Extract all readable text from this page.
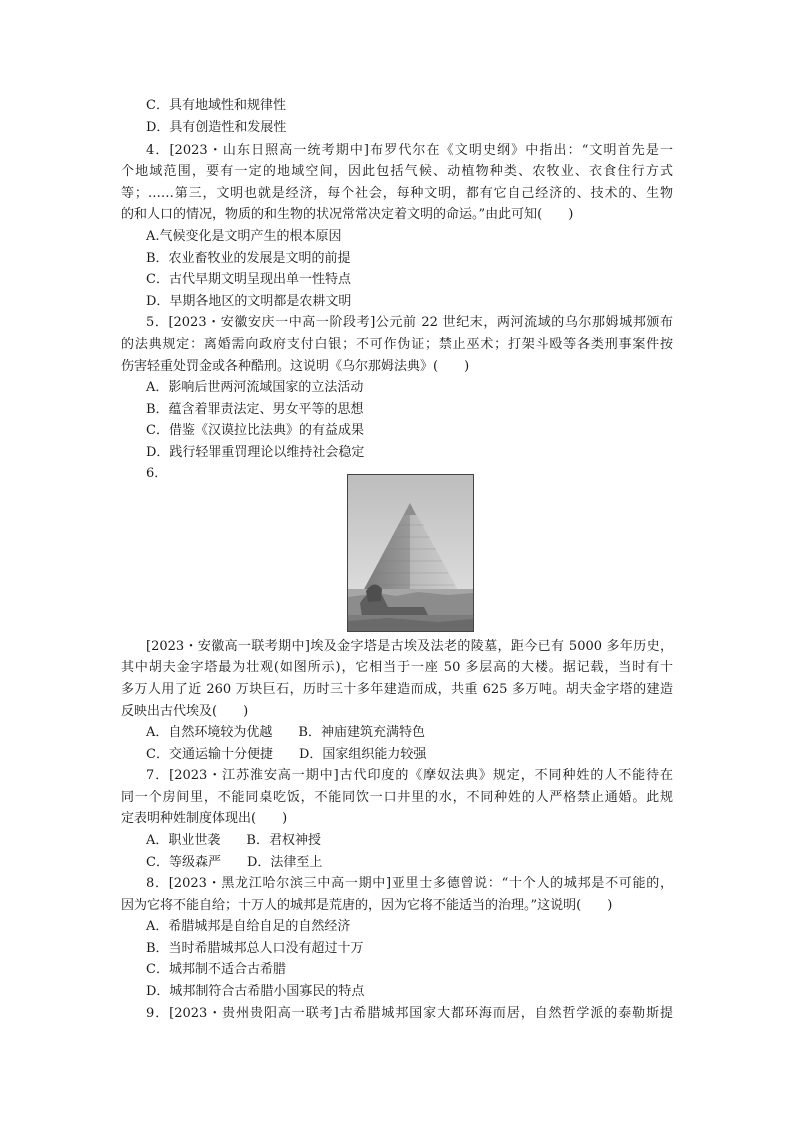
C．具有地域性和规律性
D．具有创造性和发展性
4．[2023・山东日照高一统考期中]布罗代尔在《文明史纲》中指出：“文明首先是一
个地域范围，要有一定的地域空间，因此包括气候、动植物种类、农牧业、衣食住行方式
等；……第三，文明也就是经济，每个社会，每种文明，都有它自己经济的、技术的、生物
的和人口的情况，物质的和生物的状况常常决定着文明的命运。”由此可知(　　)
A.气候变化是文明产生的根本原因
B．农业畜牧业的发展是文明的前提
C．古代早期文明呈现出单一性特点
D．早期各地区的文明都是农耕文明
5．[2023・安徽安庆一中高一阶段考]公元前 22 世纪末，两河流域的乌尔那姆城邦颁布
的法典规定：离婚需向政府支付白银；不可作伪证；禁止巫术；打架斗殴等各类刑事案件按
伤害轻重处罚金或各种酷刑。这说明《乌尔那姆法典》(　　)
A．影响后世两河流域国家的立法活动
B．蕴含着罪责法定、男女平等的思想
C．借鉴《汉谟拉比法典》的有益成果
D．践行轻罪重罚理论以维持社会稳定
6．
[2023・安徽高一联考期中]埃及金字塔是古埃及法老的陵墓，距今已有 5000 多年历史，
其中胡夫金字塔最为壮观(如图所示)，它相当于一座 50 多层高的大楼。据记载，当时有十
多万人用了近 260 万块巨石，历时三十多年建造而成，共重 625 多万吨。胡夫金字塔的建造
反映出古代埃及(　　)
A．自然环境较为优越　　B．神庙建筑充满特色
C．交通运输十分便捷　　D．国家组织能力较强
7．[2023・江苏淮安高一期中]古代印度的《摩奴法典》规定，不同种姓的人不能待在
同一个房间里，不能同桌吃饭，不能同饮一口井里的水，不同种姓的人严格禁止通婚。此规
定表明种姓制度体现出(　　)
A．职业世袭　　B．君权神授
C．等级森严　　D．法律至上
8．[2023・黑龙江哈尔滨三中高一期中]亚里士多德曾说：“十个人的城邦是不可能的，
因为它将不能自给；十万人的城邦是荒唐的，因为它将不能适当的治理。”这说明(　　)
A．希腊城邦是自给自足的自然经济
B．当时希腊城邦总人口没有超过十万
C．城邦制不适合古希腊
D．城邦制符合古希腊小国寡民的特点
9．[2023・贵州贵阳高一联考]古希腊城邦国家大都环海而居，自然哲学派的泰勒斯提
